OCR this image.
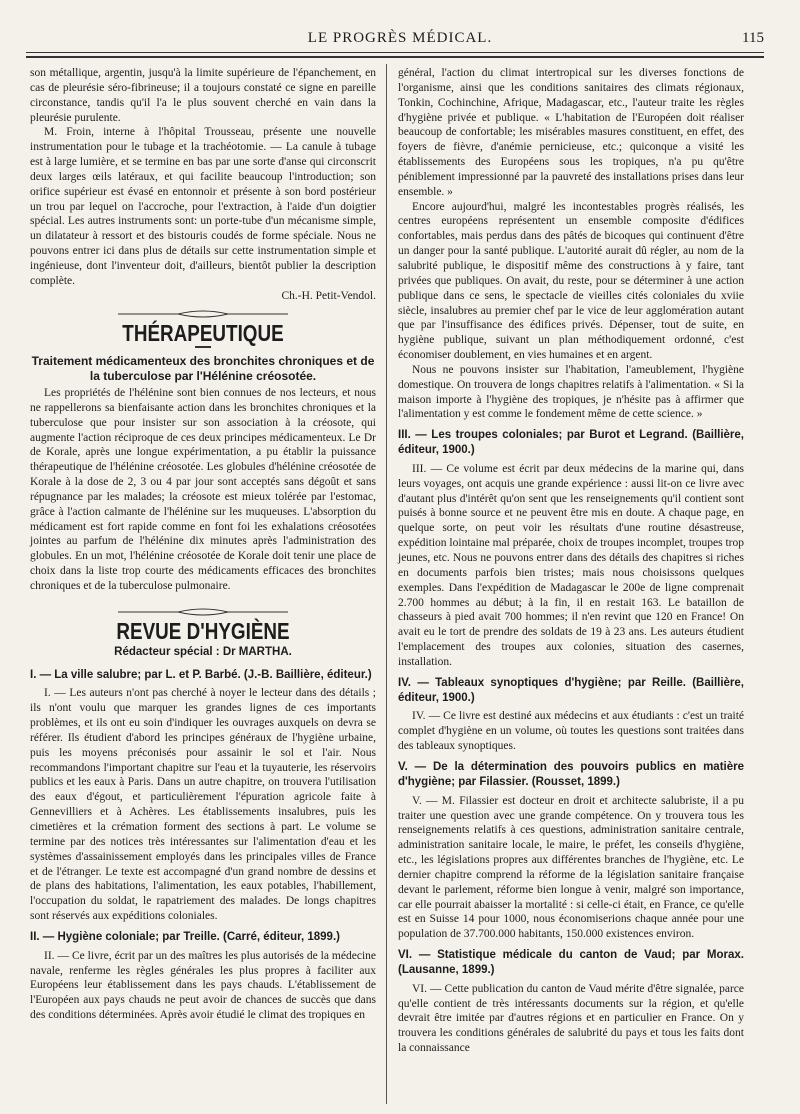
LE PROGRÈS MÉDICAL.	115

son métallique, argentin, jusqu'à la limite supérieure de l'épanchement, en cas de pleurésie séro-fibrineuse; il a toujours constaté ce signe en pareille circonstance, tandis qu'il l'a le plus souvent cherché en vain dans la pleurésie purulente.

M. Froin, interne à l'hôpital Trousseau, présente une nouvelle instrumentation pour le tubage et la trachéotomie. — La canule à tubage est à large lumière, et se termine en bas par une sorte d'anse qui circonscrit deux larges œils latéraux, et qui facilite beaucoup l'introduction; son orifice supérieur est évasé en entonnoir et présente à son bord postérieur un trou par lequel on l'accroche, pour l'extraction, à l'aide d'un doigtier spécial. Les autres instruments sont: un porte-tube d'un mécanisme simple, un dilatateur à ressort et des bistouris coudés de forme spéciale. Nous ne pouvons entrer ici dans plus de détails sur cette instrumentation simple et ingénieuse, dont l'inventeur doit, d'ailleurs, bientôt publier la description complète.

Ch.-H. Petit-Vendol.

THÉRAPEUTIQUE
Traitement médicamenteux des bronchites chroniques et de la tuberculose par l'Hélénine créosotée.

Les propriétés de l'hélénine sont bien connues de nos lecteurs, et nous ne rappellerons sa bienfaisante action dans les bronchites chroniques et la tuberculose que pour insister sur son association à la créosote, qui augmente l'action réciproque de ces deux principes médicamenteux. Le Dr de Korale, après une longue expérimentation, a pu établir la puissance thérapeutique de l'hélénine créosotée. Les globules d'hélénine créosotée de Korale à la dose de 2, 3 ou 4 par jour sont acceptés sans dégoût et sans répugnance par les malades; la créosote est mieux tolérée par l'estomac, grâce à l'action calmante de l'hélénine sur les muqueuses. L'absorption du médicament est fort rapide comme en font foi les exhalations créosotées jointes au parfum de l'hélénine dix minutes après l'administration des globules. En un mot, l'hélénine créosotée de Korale doit tenir une place de choix dans la liste trop courte des médicaments efficaces des bronchites chroniques et de la tuberculose pulmonaire.

REVUE D'HYGIÈNE
Rédacteur spécial : Dr MARTHA.

I. — La ville salubre; par L. et P. Barbé. (J.-B. Baillière, éditeur.)

I. — Les auteurs n'ont pas cherché à noyer le lecteur dans des détails ; ils n'ont voulu que marquer les grandes lignes de ces importants problèmes, et ils ont eu soin d'indiquer les ouvrages auxquels on devra se référer. Ils étudient d'abord les principes généraux de l'hygiène urbaine, puis les moyens préconisés pour assainir le sol et l'air. Nous recommandons l'important chapitre sur l'eau et la tuyauterie, les réservoirs publics et les eaux à Paris. Dans un autre chapitre, on trouvera l'utilisation des eaux d'égout, et particulièrement l'épuration agricole faite à Gennevilliers et à Achères. Les établissements insalubres, puis les cimetières et la crémation forment des sections à part. Le volume se termine par des notices très intéressantes sur l'alimentation d'eau et les systèmes d'assainissement employés dans les principales villes de France et de l'étranger. Le texte est accompagné d'un grand nombre de dessins et de plans des habitations, l'alimentation, les eaux potables, l'habillement, l'occupation du soldat, le rapatriement des malades. De longs chapitres sont réservés aux expéditions coloniales.

II. — Hygiène coloniale; par Treille. (Carré, éditeur, 1899.)

II. — Ce livre, écrit par un des maîtres les plus autorisés de la médecine navale, renferme les règles générales les plus propres à faciliter aux Européens leur établissement dans les pays chauds. L'établissement de l'Européen aux pays chauds ne peut avoir de chances de succès que dans des conditions déterminées. Après avoir étudié le climat des tropiques en

général, l'action du climat intertropical sur les diverses fonctions de l'organisme, ainsi que les conditions sanitaires des climats régionaux, Tonkin, Cochinchine, Afrique, Madagascar, etc., l'auteur traite les règles d'hygiène privée et publique. « L'habitation de l'Européen doit réaliser beaucoup de confortable; les misérables masures constituent, en effet, des foyers de fièvre, d'anémie pernicieuse, etc.; quiconque a visité les établissements des Européens sous les tropiques, n'a pu qu'être péniblement impressionné par la pauvreté des installations prises dans leur ensemble. »

Encore aujourd'hui, malgré les incontestables progrès réalisés, les centres européens représentent un ensemble composite d'édifices confortables, mais perdus dans des pâtés de bicoques qui continuent d'être un danger pour la santé publique. L'autorité aurait dû régler, au nom de la salubrité publique, le dispositif même des constructions à y faire, tant privées que publiques. On avait, du reste, pour se déterminer à une action publique dans ce sens, le spectacle de vieilles cités coloniales du xviie siècle, insalubres au premier chef par le vice de leur agglomération autant que par l'insuffisance des édifices privés. Dépenser, tout de suite, en hygiène publique, suivant un plan méthodiquement ordonné, c'est économiser doublement, en vies humaines et en argent.

Nous ne pouvons insister sur l'habitation, l'ameublement, l'hygiène domestique. On trouvera de longs chapitres relatifs à l'alimentation. « Si la maison importe à l'hygiène des tropiques, je n'hésite pas à affirmer que l'alimentation y est comme le fondement même de cette science. »

III. — Les troupes coloniales; par Burot et Legrand. (Baillière, éditeur, 1900.)

III. — Ce volume est écrit par deux médecins de la marine qui, dans leurs voyages, ont acquis une grande expérience : aussi lit-on ce livre avec d'autant plus d'intérêt qu'on sent que les renseignements qu'il contient sont puisés à bonne source et ne peuvent être mis en doute. A chaque page, en quelque sorte, on peut voir les résultats d'une routine désastreuse, expédition lointaine mal préparée, choix de troupes incomplet, troupes trop jeunes, etc. Nous ne pouvons entrer dans des détails des chapitres si riches en documents parfois bien tristes; mais nous choisissons quelques exemples. Dans l'expédition de Madagascar le 200e de ligne comprenait 2.700 hommes au début; à la fin, il en restait 163. Le bataillon de chasseurs à pied avait 700 hommes; il n'en revint que 120 en France! On avait eu le tort de prendre des soldats de 19 à 23 ans. Les auteurs étudient l'emplacement des troupes aux colonies, situation des casernes, installation.

IV. — Tableaux synoptiques d'hygiène; par Reille. (Baillière, éditeur, 1900.)

IV. — Ce livre est destiné aux médecins et aux étudiants : c'est un traité complet d'hygiène en un volume, où toutes les questions sont traitées dans des tableaux synoptiques.

V. — De la détermination des pouvoirs publics en matière d'hygiène; par Filassier. (Rousset, 1899.)

V. — M. Filassier est docteur en droit et architecte salubriste, il a pu traiter une question avec une grande compétence. On y trouvera tous les renseignements relatifs à ces questions, administration sanitaire centrale, administration sanitaire locale, le maire, le préfet, les conseils d'hygiène, etc., les législations propres aux différentes branches de l'hygiène, etc. Le dernier chapitre comprend la réforme de la législation sanitaire française devant le parlement, réforme bien longue à venir, malgré son importance, car elle pourrait abaisser la mortalité : si celle-ci était, en France, ce qu'elle est en Suisse 14 pour 1000, nous économiserions chaque année pour une population de 37.700.000 habitants, 150.000 existences environ.

VI. — Statistique médicale du canton de Vaud; par Morax. (Lausanne, 1899.)

VI. — Cette publication du canton de Vaud mérite d'être signalée, parce qu'elle contient de très intéressants documents sur la région, et qu'elle devrait être imitée par d'autres régions et en particulier en France. On y trouvera les conditions générales de salubrité du pays et tous les faits dont la connaissance
